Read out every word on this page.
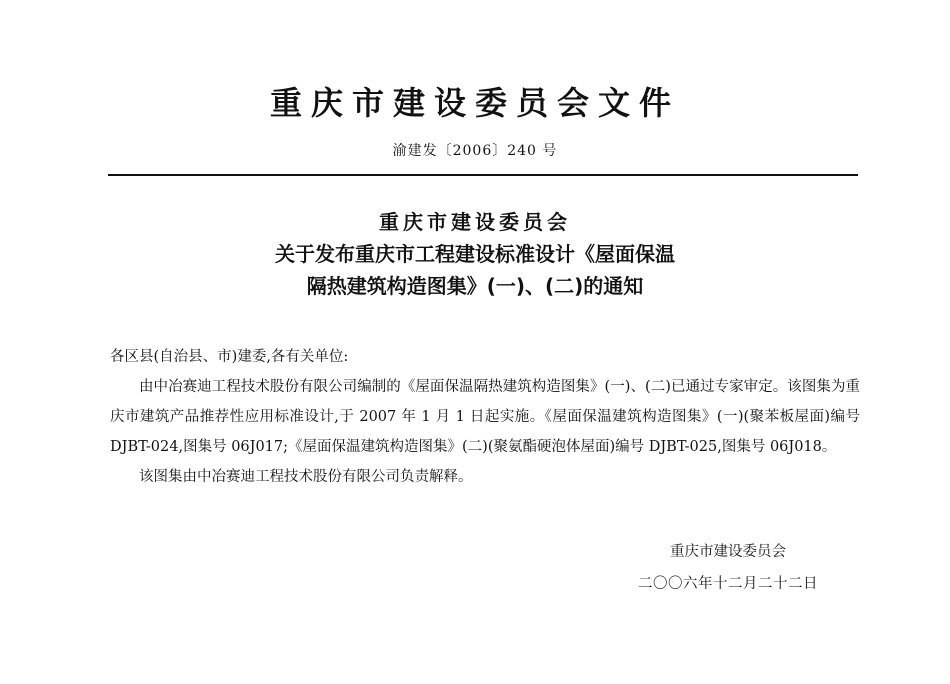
重庆市建设委员会文件
渝建发〔2006〕240 号
重庆市建设委员会
关于发布重庆市工程建设标准设计《屋面保温
隔热建筑构造图集》(一)、(二)的通知
各区县(自治县、市)建委,各有关单位:

由中冶赛迪工程技术股份有限公司编制的《屋面保温隔热建筑构造图集》(一)、(二)已通过专家审定。该图集为重庆市建筑产品推荐性应用标准设计,于 2007 年 1 月 1 日起实施。《屋面保温建筑构造图集》(一)(聚苯板屋面)编号 DJBT-024,图集号 06J017;《屋面保温建筑构造图集》(二)(聚氨酯硬泡体屋面)编号 DJBT-025,图集号 06J018。

该图集由中冶赛迪工程技术股份有限公司负责解释。

重庆市建设委员会
二〇〇六年十二月二十二日
